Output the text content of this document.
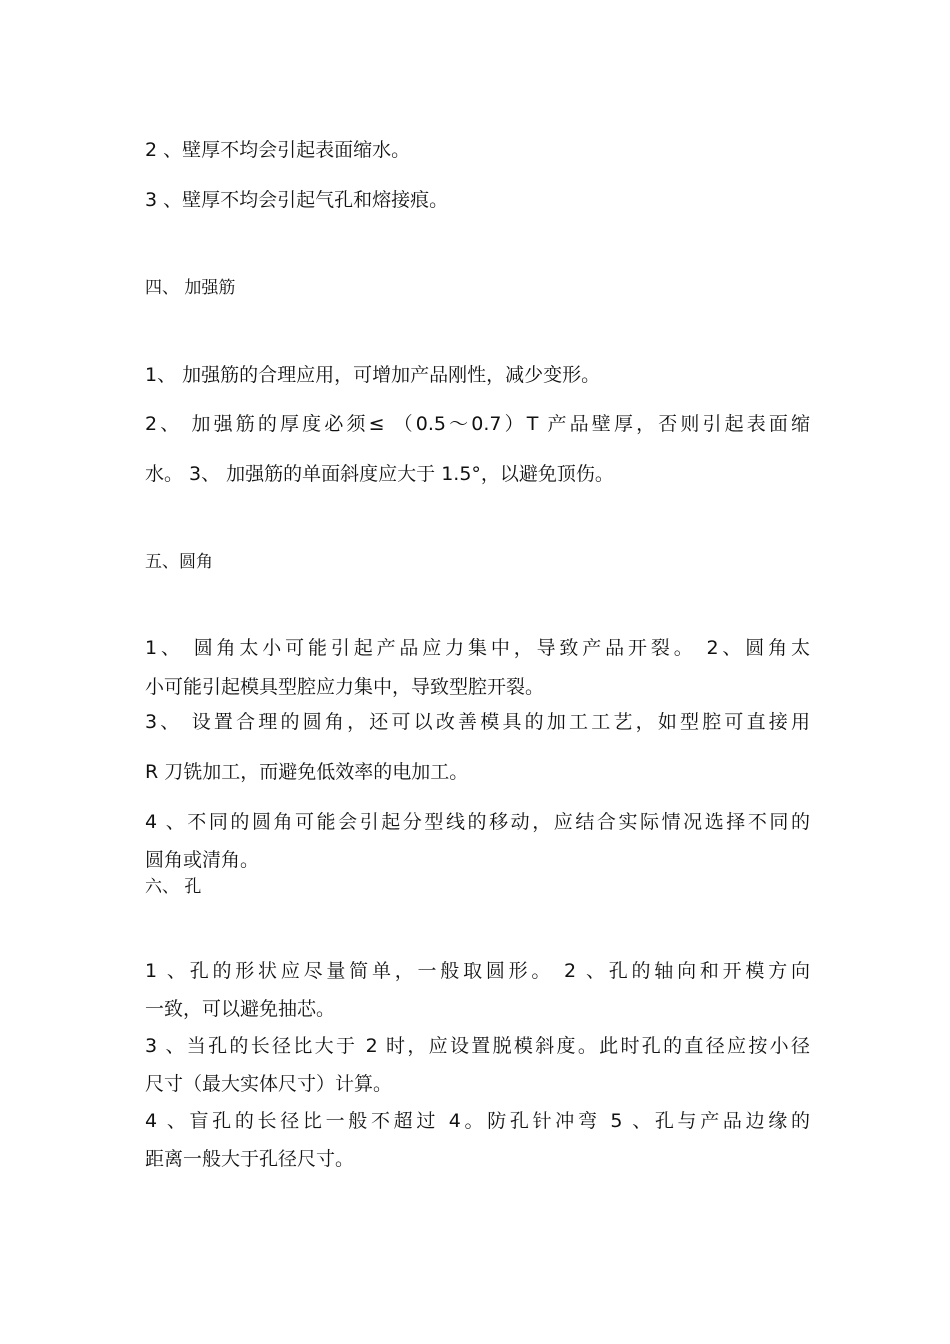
2 、壁厚不均会引起表面缩水。
3 、壁厚不均会引起气孔和熔接痕。
四、 加强筋
1、 加强筋的合理应用，可增加产品刚性，减少变形。
2、 加强筋的厚度必须≤ （0.5～0.7）T 产品壁厚，否则引起表面缩
水。 3、 加强筋的单面斜度应大于 1.5°，以避免顶伤。
五、圆角
1、 圆角太小可能引起产品应力集中，导致产品开裂。 2、圆角太
小可能引起模具型腔应力集中，导致型腔开裂。
3、 设置合理的圆角，还可以改善模具的加工工艺，如型腔可直接用
R 刀铣加工，而避免低效率的电加工。
4 、不同的圆角可能会引起分型线的移动，应结合实际情况选择不同的
圆角或清角。
六、 孔
1 、孔的形状应尽量简单，一般取圆形。 2 、孔的轴向和开模方向
一致，可以避免抽芯。
3 、当孔的长径比大于 2 时，应设置脱模斜度。此时孔的直径应按小径
尺寸（最大实体尺寸）计算。
4 、盲孔的长径比一般不超过 4。防孔针冲弯 5 、孔与产品边缘的
距离一般大于孔径尺寸。
